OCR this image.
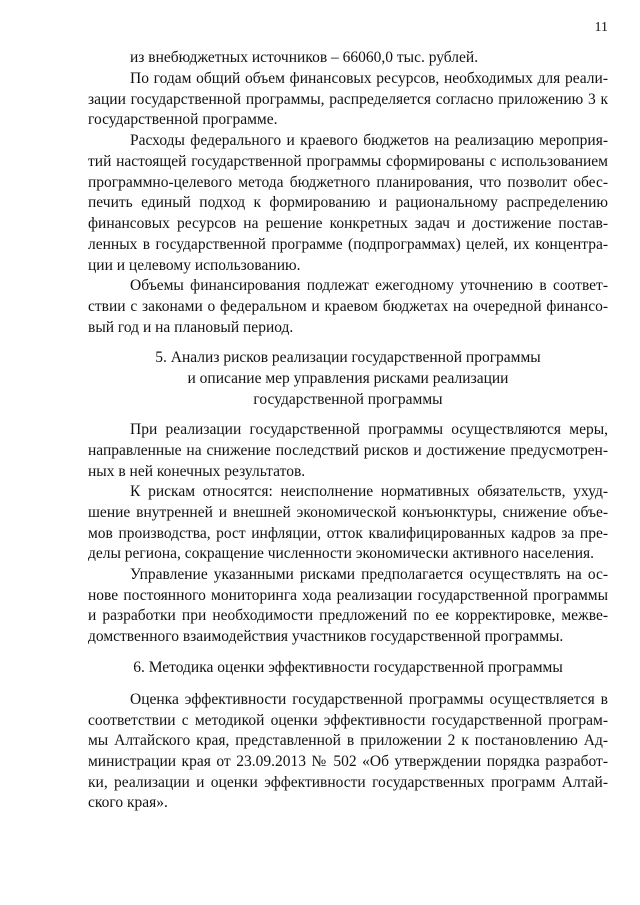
11
из внебюджетных источников – 66060,0 тыс. рублей.
По годам общий объем финансовых ресурсов, необходимых для реали-
зации государственной программы, распределяется согласно приложению 3 к
государственной программе.
Расходы федерального и краевого бюджетов на реализацию мероприя-
тий настоящей государственной программы сформированы с использованием
программно-целевого метода бюджетного планирования, что позволит обес-
печить единый подход к формированию и рациональному распределению
финансовых ресурсов на решение конкретных задач и достижение постав-
ленных в государственной программе (подпрограммах) целей, их концентра-
ции и целевому использованию.
Объемы финансирования подлежат ежегодному уточнению в соответ-
ствии с законами о федеральном и краевом бюджетах на очередной финансо-
вый год и на плановый период.
5. Анализ рисков реализации государственной программы
и описание мер управления рисками реализации
государственной программы
При реализации государственной программы осуществляются меры,
направленные на снижение последствий рисков и достижение предусмотрен-
ных в ней конечных результатов.
К рискам относятся: неисполнение нормативных обязательств, ухуд-
шение внутренней и внешней экономической конъюнктуры, снижение объе-
мов производства, рост инфляции, отток квалифицированных кадров за пре-
делы региона, сокращение численности экономически активного населения.
Управление указанными рисками предполагается осуществлять на ос-
нове постоянного мониторинга хода реализации государственной программы
и разработки при необходимости предложений по ее корректировке, межве-
домственного взаимодействия участников государственной программы.
6. Методика оценки эффективности государственной программы
Оценка эффективности государственной программы осуществляется в
соответствии с методикой оценки эффективности государственной програм-
мы Алтайского края, представленной в приложении 2 к постановлению Ад-
министрации края от 23.09.2013 № 502 «Об утверждении порядка разработ-
ки, реализации и оценки эффективности государственных программ Алтай-
ского края».
